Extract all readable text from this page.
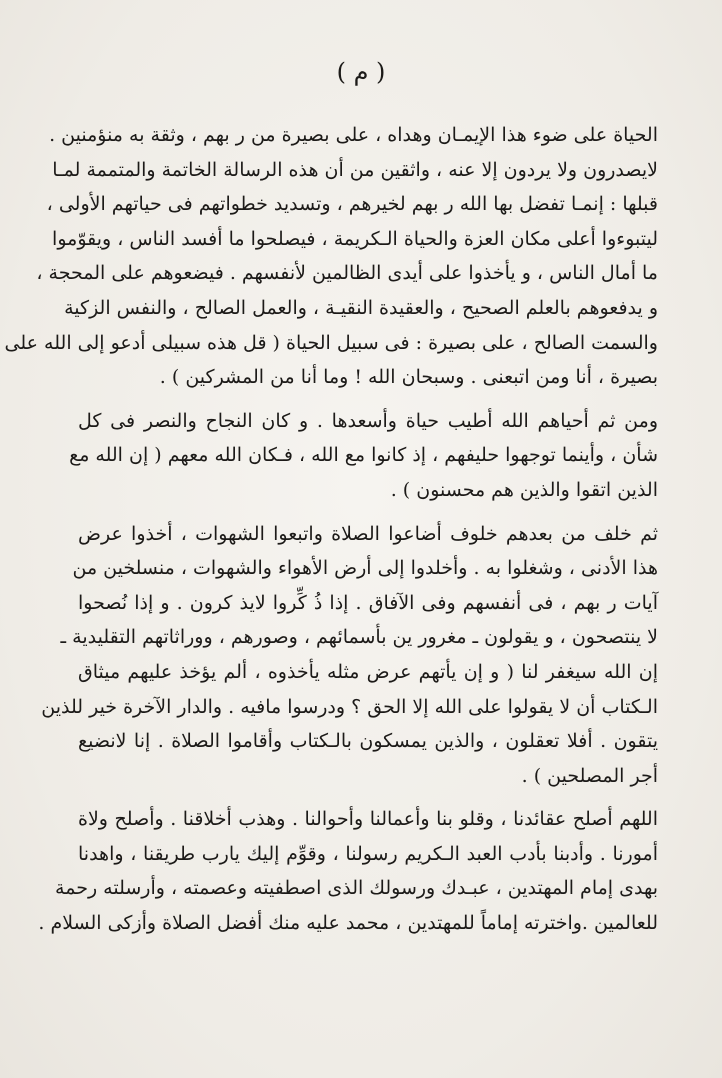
( م )
الحياة على ضوء هذا الإيمـان وهداه ، على بصيرة من ر بهم ، وثقة به منؤمنين .
لايصدرون ولا يردون إلا عنه ، واثقين من أن هذه الرسالة الخاتمة والمتممة لمـا
قبلها : إنمـا تفضل بها الله ر بهم لخيرهم ، وتسديد خطواتهم فى حياتهم الأولى ،
ليتبوءوا أعلى مكان العزة والحياة الـكريمة ، فيصلحوا ما أفسد الناس ، ويقوّموا
ما أمال الناس ، و يأخذوا على أيدى الظالمين لأنفسهم . فيضعوهم على المحجة ،
و يدفعوهم بالعلم الصحيح ، والعقيدة النقيـة ، والعمل الصالح ، والنفس الزكية
والسمت الصالح ، على بصيرة : فى سبيل الحياة ( قل هذه سبيلى أدعو إلى الله على
بصيرة ، أنا ومن اتبعنى . وسبحان الله ! وما أنا من المشركين ) .
ومن ثم أحياهم الله أطيب حياة وأسعدها . و كان النجاح والنصر فى كل
شأن ، وأينما توجهوا حليفهم ، إذ كانوا مع الله ، فـكان الله معهم ( إن الله مع
الذين اتقوا والذين هم محسنون ) .
ثم خلف من بعدهم خلوف أضاعوا الصلاة واتبعوا الشهوات ، أخذوا عرض
هذا الأدنى ، وشغلوا به . وأخلدوا إلى أرض الأهواء والشهوات ، منسلخين من
آيات ر بهم ، فى أنفسهم وفى الآفاق . إذا ذُ كِّروا لايذ كرون . و إذا نُصحوا
لا ينتصحون ، و يقولون ـ مغرور ين بأسمائهم ، وصورهم ، ووراثاتهم التقليدية ـ
إن الله سيغفر لنا ( و إن يأتهم عرض مثله يأخذوه ، ألم يؤخذ عليهم ميثاق
الـكتاب أن لا يقولوا على الله إلا الحق ؟ ودرسوا مافيه . والدار الآخرة خير للذين
يتقون . أفلا تعقلون ، والذين يمسكون بالـكتاب وأقاموا الصلاة . إنا لانضيع
أجر المصلحين ) .
اللهم أصلح عقائدنا ، وقلو بنا وأعمالنا وأحوالنا . وهذب أخلاقنا . وأصلح ولاة
أمورنا . وأدبنا بأدب العبد الـكريم رسولنا ، وقوِّم إليك يارب طريقنا ، واهدنا
بهدى إمام المهتدين ، عبـدك ورسولك الذى اصطفيته وعصمته ، وأرسلته رحمة
للعالمين .واخترته إماماً للمهتدين ، محمد عليه منك أفضل الصلاة وأزكى السلام .
